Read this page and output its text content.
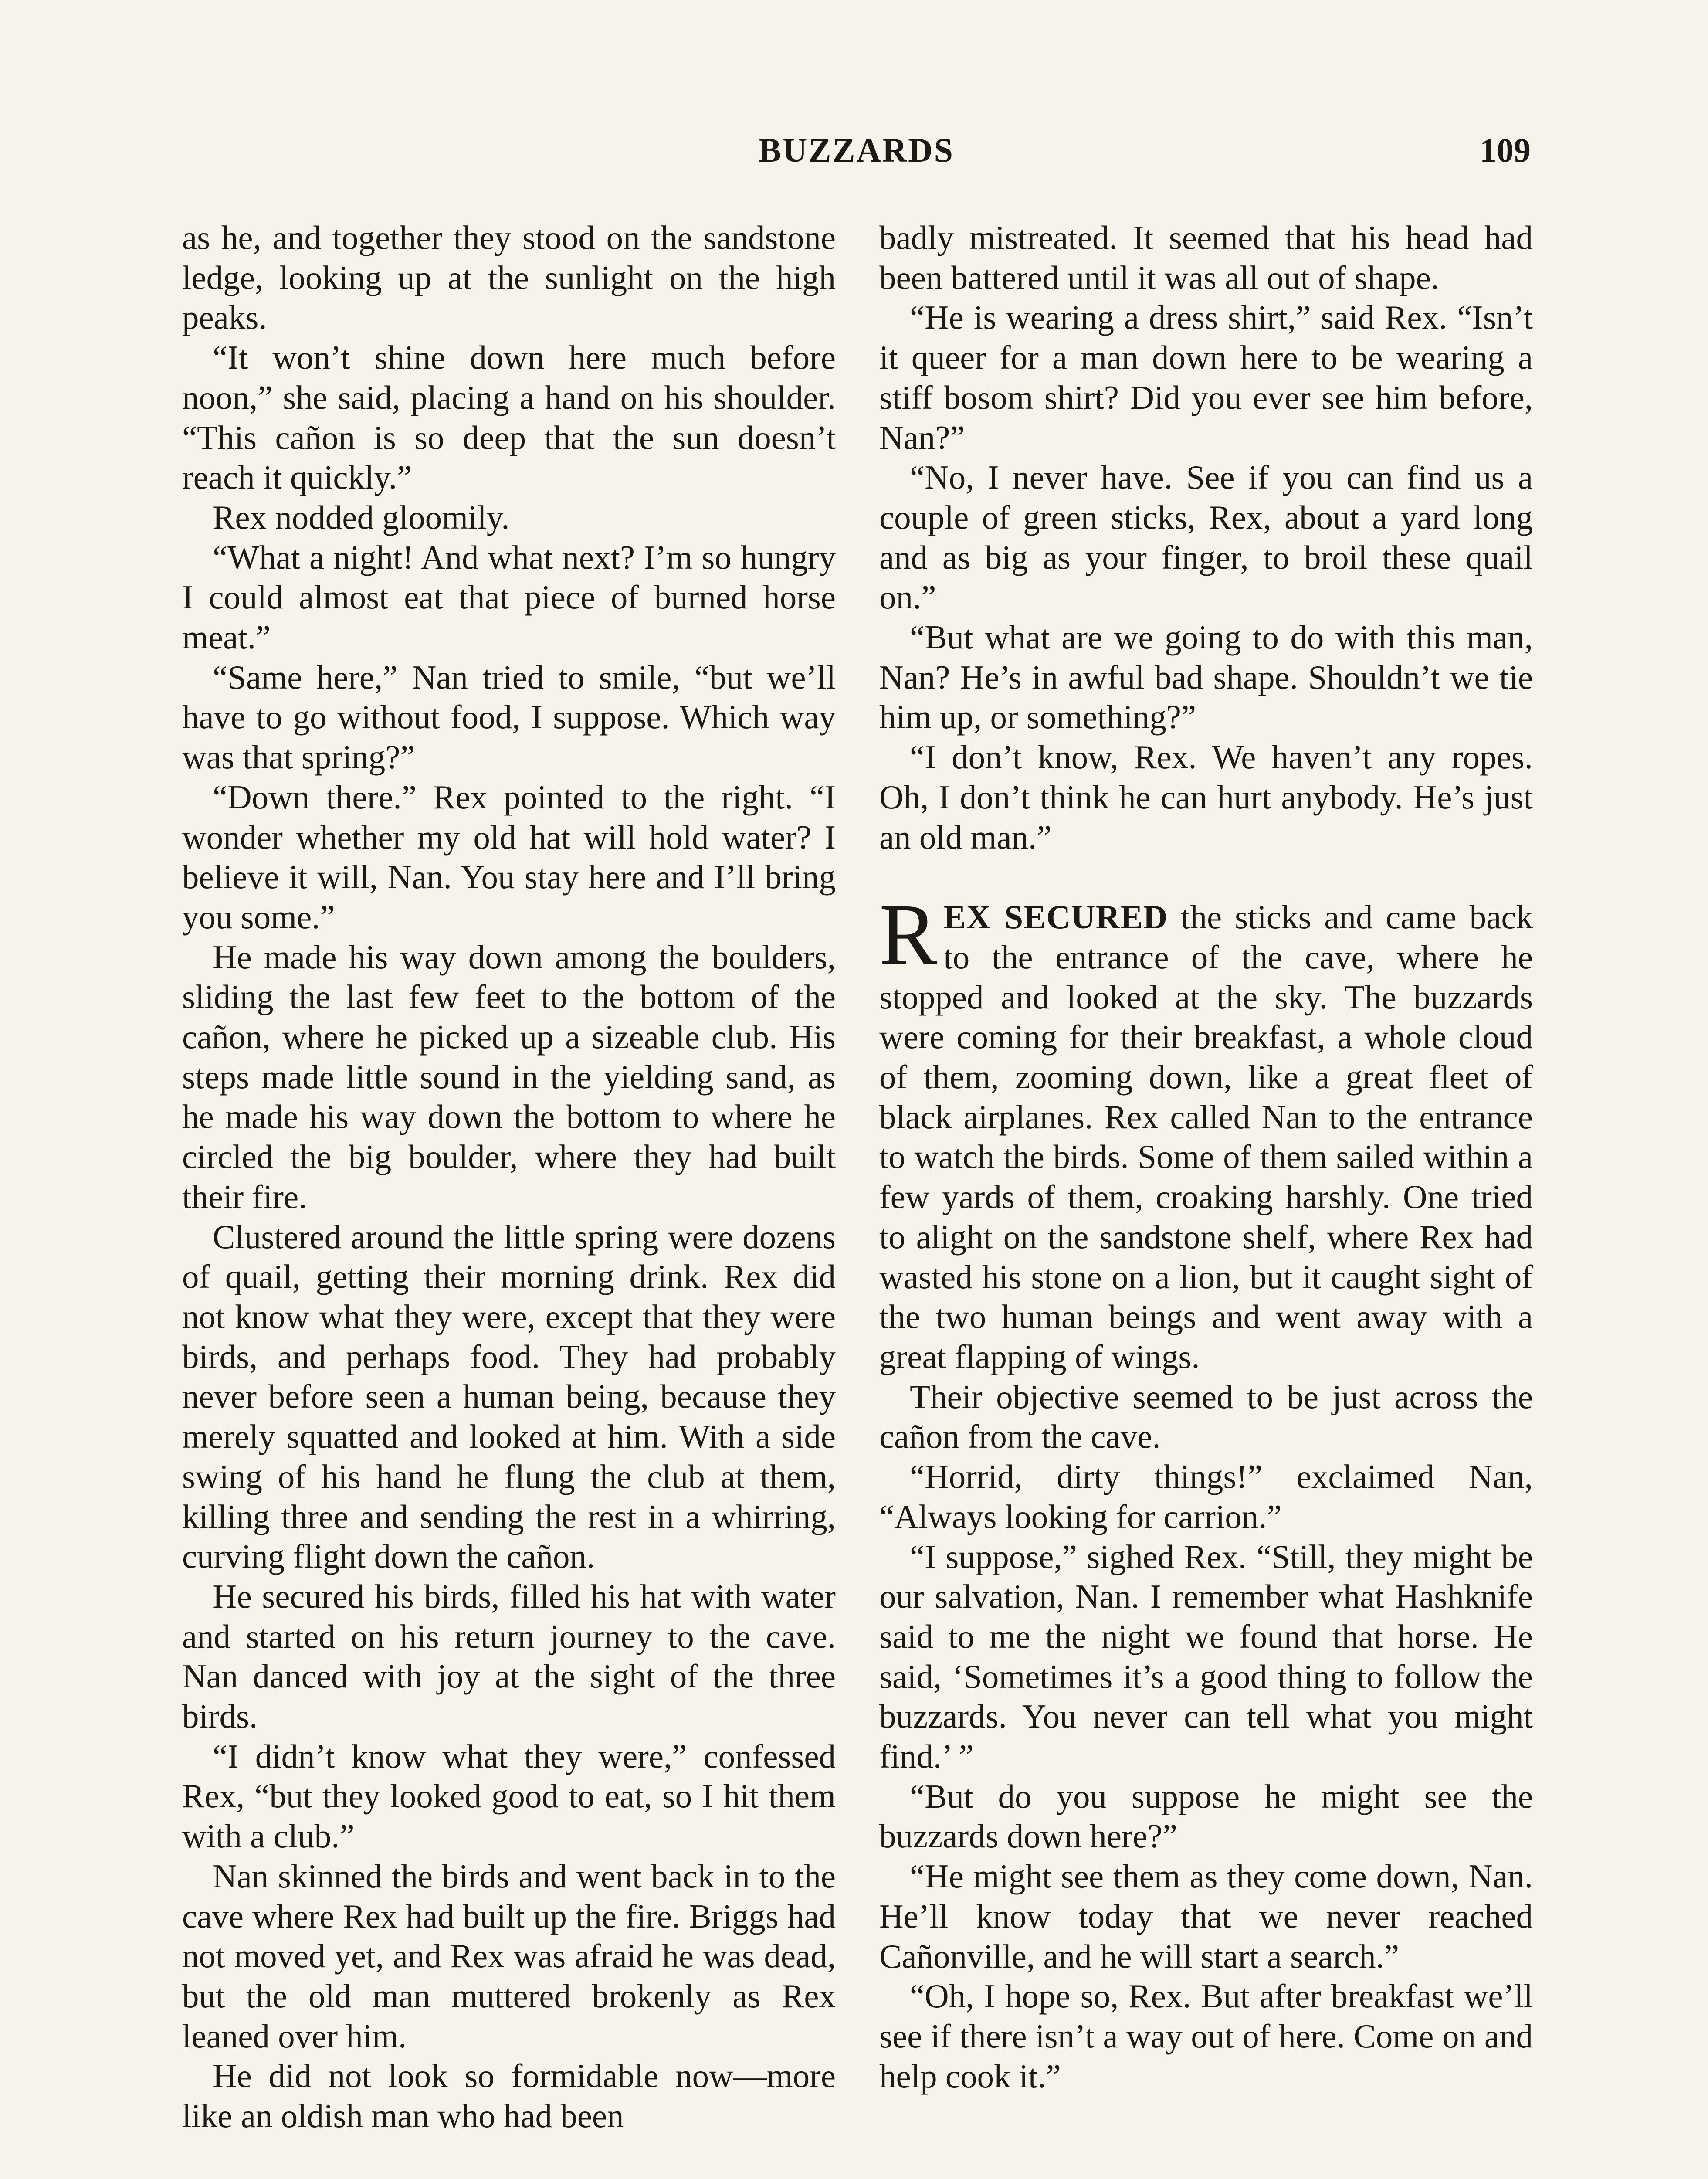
BUZZARDS	109

as he, and together they stood on the sandstone ledge, looking up at the sunlight on the high peaks.

“It won’t shine down here much before noon,” she said, placing a hand on his shoulder. “This cañon is so deep that the sun doesn’t reach it quickly.”

Rex nodded gloomily.

“What a night! And what next? I’m so hungry I could almost eat that piece of burned horse meat.”

“Same here,” Nan tried to smile, “but we’ll have to go without food, I suppose. Which way was that spring?”

“Down there.” Rex pointed to the right. “I wonder whether my old hat will hold water? I believe it will, Nan. You stay here and I’ll bring you some.”

He made his way down among the boulders, sliding the last few feet to the bottom of the cañon, where he picked up a sizeable club. His steps made little sound in the yielding sand, as he made his way down the bottom to where he circled the big boulder, where they had built their fire.

Clustered around the little spring were dozens of quail, getting their morning drink. Rex did not know what they were, except that they were birds, and perhaps food. They had probably never before seen a human being, because they merely squatted and looked at him. With a side swing of his hand he flung the club at them, killing three and sending the rest in a whirring, curving flight down the cañon.

He secured his birds, filled his hat with water and started on his return journey to the cave. Nan danced with joy at the sight of the three birds.

“I didn’t know what they were,” confessed Rex, “but they looked good to eat, so I hit them with a club.”

Nan skinned the birds and went back in to the cave where Rex had built up the fire. Briggs had not moved yet, and Rex was afraid he was dead, but the old man muttered brokenly as Rex leaned over him.

He did not look so formidable now—more like an oldish man who had been

badly mistreated. It seemed that his head had been battered until it was all out of shape.

“He is wearing a dress shirt,” said Rex. “Isn’t it queer for a man down here to be wearing a stiff bosom shirt? Did you ever see him before, Nan?”

“No, I never have. See if you can find us a couple of green sticks, Rex, about a yard long and as big as your finger, to broil these quail on.”

“But what are we going to do with this man, Nan? He’s in awful bad shape. Shouldn’t we tie him up, or something?”

“I don’t know, Rex. We haven’t any ropes. Oh, I don’t think he can hurt anybody. He’s just an old man.”

REX SECURED the sticks and came back to the entrance of the cave, where he stopped and looked at the sky. The buzzards were coming for their breakfast, a whole cloud of them, zooming down, like a great fleet of black airplanes. Rex called Nan to the entrance to watch the birds. Some of them sailed within a few yards of them, croaking harshly. One tried to alight on the sandstone shelf, where Rex had wasted his stone on a lion, but it caught sight of the two human beings and went away with a great flapping of wings.

Their objective seemed to be just across the cañon from the cave.

“Horrid, dirty things!” exclaimed Nan, “Always looking for carrion.”

“I suppose,” sighed Rex. “Still, they might be our salvation, Nan. I remember what Hashknife said to me the night we found that horse. He said, ‘Sometimes it’s a good thing to follow the buzzards. You never can tell what you might find.’ ”

“But do you suppose he might see the buzzards down here?”

“He might see them as they come down, Nan. He’ll know today that we never reached Cañonville, and he will start a search.”

“Oh, I hope so, Rex. But after breakfast we’ll see if there isn’t a way out of here. Come on and help cook it.”
